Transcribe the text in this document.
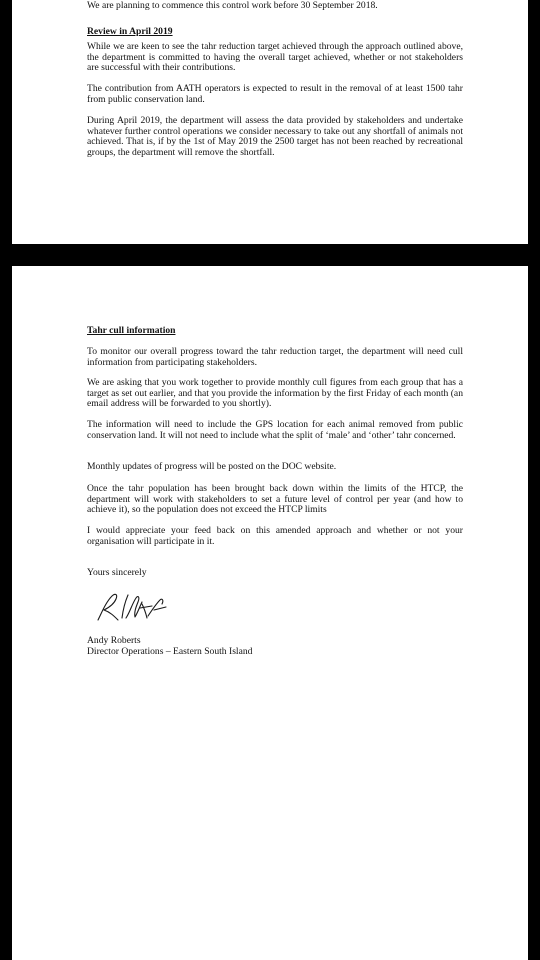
We are planning to commence this control work before 30 September 2018.

Review in April 2019

While we are keen to see the tahr reduction target achieved through the approach outlined above, the department is committed to having the overall target achieved, whether or not stakeholders are successful with their contributions.

The contribution from AATH operators is expected to result in the removal of at least 1500 tahr from public conservation land.

During April 2019, the department will assess the data provided by stakeholders and undertake whatever further control operations we consider necessary to take out any shortfall of animals not achieved. That is, if by the 1st of May 2019 the 2500 target has not been reached by recreational groups, the department will remove the shortfall.

Tahr cull information

To monitor our overall progress toward the tahr reduction target, the department will need cull information from participating stakeholders.

We are asking that you work together to provide monthly cull figures from each group that has a target as set out earlier, and that you provide the information by the first Friday of each month (an email address will be forwarded to you shortly).

The information will need to include the GPS location for each animal removed from public conservation land. It will not need to include what the split of ‘male’ and ‘other’ tahr concerned.

Monthly updates of progress will be posted on the DOC website.

Once the tahr population has been brought back down within the limits of the HTCP, the department will work with stakeholders to set a future level of control per year (and how to achieve it), so the population does not exceed the HTCP limits

I would appreciate your feed back on this amended approach and whether or not your organisation will participate in it.

Yours sincerely

Andy Roberts

Director Operations – Eastern South Island
